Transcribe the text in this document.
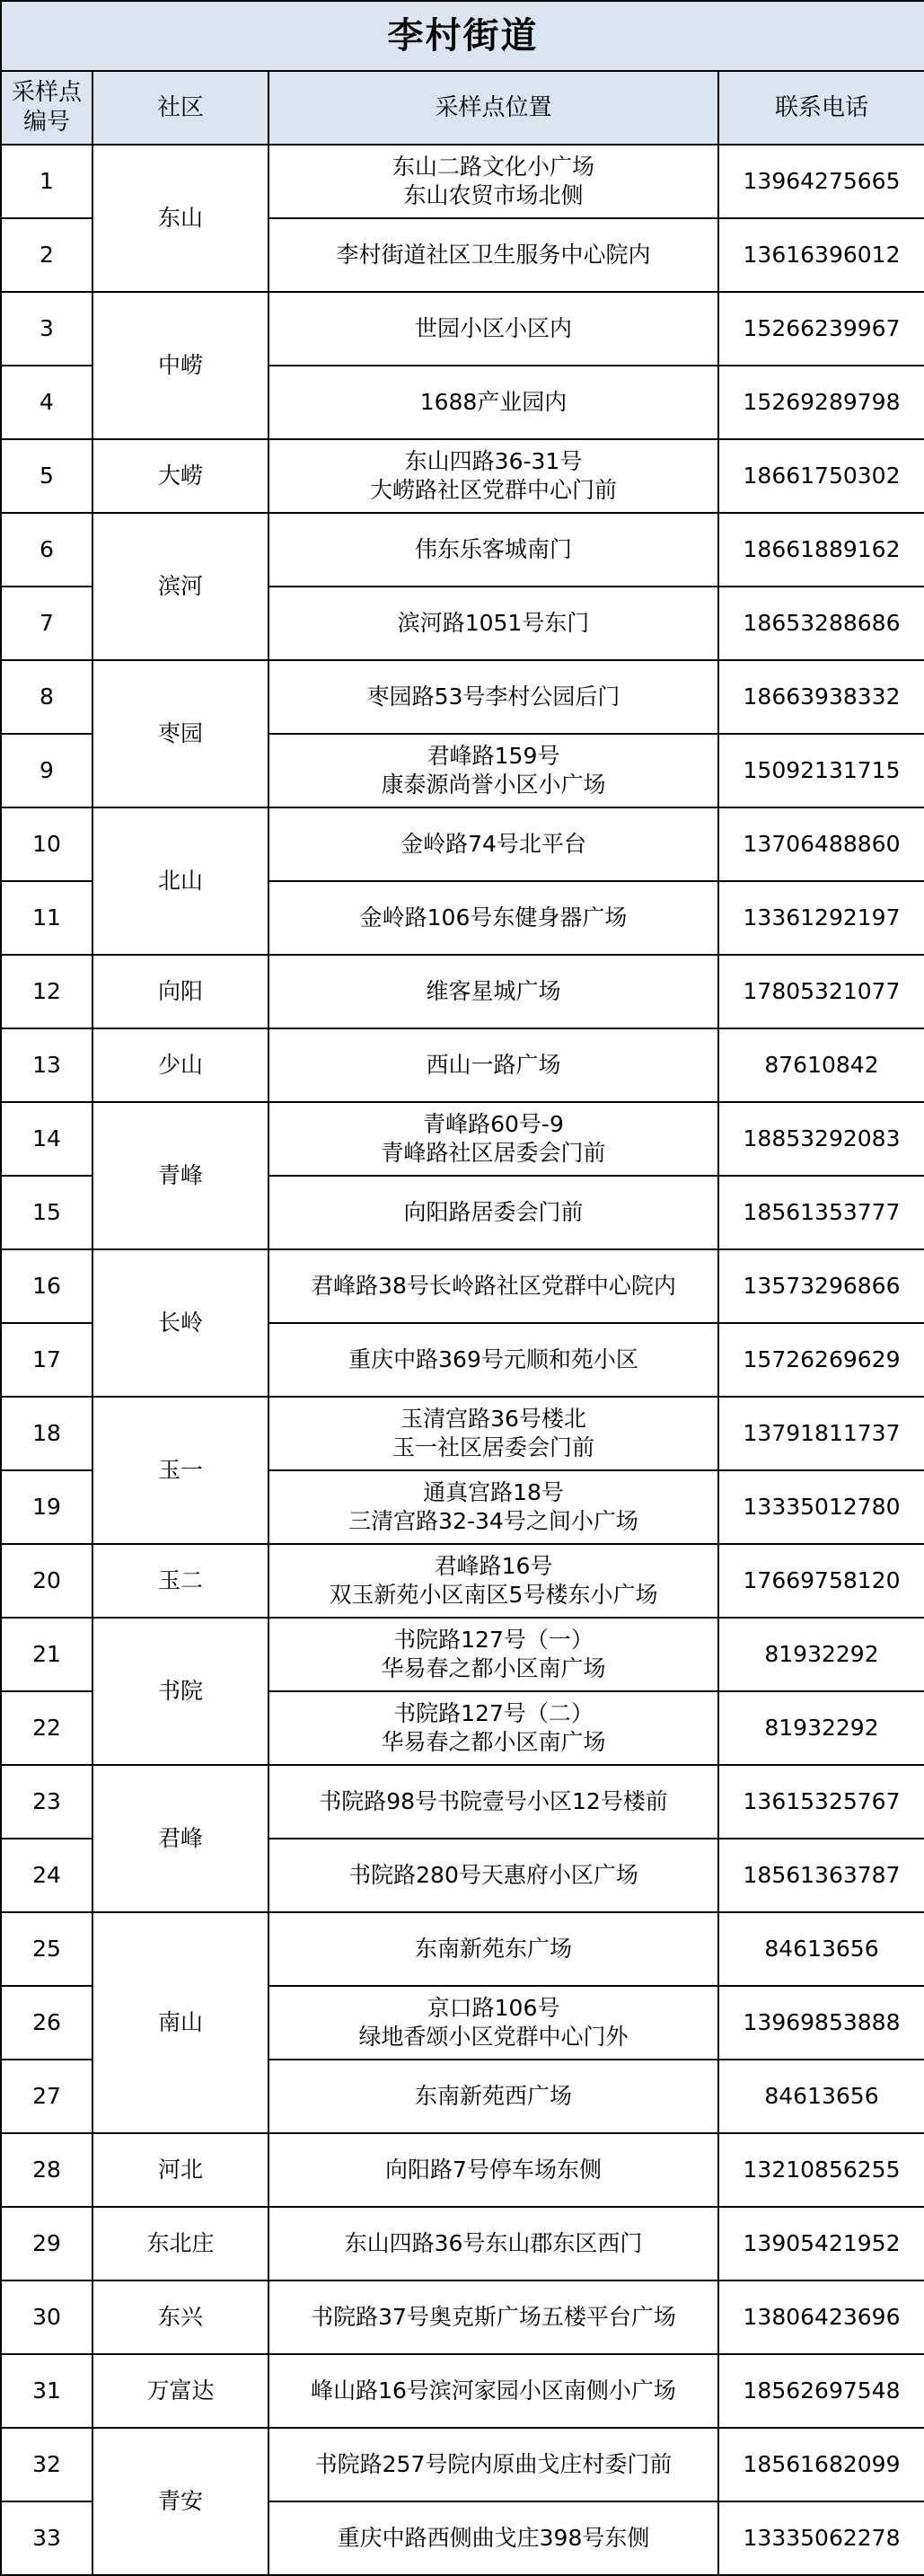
李村街道			

采样点
编号	社区	采样点位置	联系电话
1	东山	东山二路文化小广场
东山农贸市场北侧	13964275665
2		李村街道社区卫生服务中心院内	13616396012
3	中崂	世园小区小区内	15266239967
4		1688产业园内	15269289798
5	大崂	东山四路36-31号
大崂路社区党群中心门前	18661750302
6	滨河	伟东乐客城南门	18661889162
7		滨河路1051号东门	18653288686
8	枣园	枣园路53号李村公园后门	18663938332
9		君峰路159号
康泰源尚誉小区小广场	15092131715
10	北山	金岭路74号北平台	13706488860
11		金岭路106号东健身器广场	13361292197
12	向阳	维客星城广场	17805321077
13	少山	西山一路广场	87610842
14	青峰	青峰路60号-9
青峰路社区居委会门前	18853292083
15		向阳路居委会门前	18561353777
16	长岭	君峰路38号长岭路社区党群中心院内	13573296866
17		重庆中路369号元顺和苑小区	15726269629
18	玉一	玉清宫路36号楼北
玉一社区居委会门前	13791811737
19		通真宫路18号
三清宫路32-34号之间小广场	13335012780
20	玉二	君峰路16号
双玉新苑小区南区5号楼东小广场	17669758120
21	书院	书院路127号（一）
华易春之都小区南广场	81932292
22		书院路127号（二）
华易春之都小区南广场	81932292
23	君峰	书院路98号书院壹号小区12号楼前	13615325767
24		书院路280号天惠府小区广场	18561363787
25	南山	东南新苑东广场	84613656
26		京口路106号
绿地香颂小区党群中心门外	13969853888
27		东南新苑西广场	84613656
28	河北	向阳路7号停车场东侧	13210856255
29	东北庄	东山四路36号东山郡东区西门	13905421952
30	东兴	书院路37号奥克斯广场五楼平台广场	13806423696
31	万富达	峰山路16号滨河家园小区南侧小广场	18562697548
32	青安	书院路257号院内原曲戈庄村委门前	18561682099
33		重庆中路西侧曲戈庄398号东侧	13335062278
